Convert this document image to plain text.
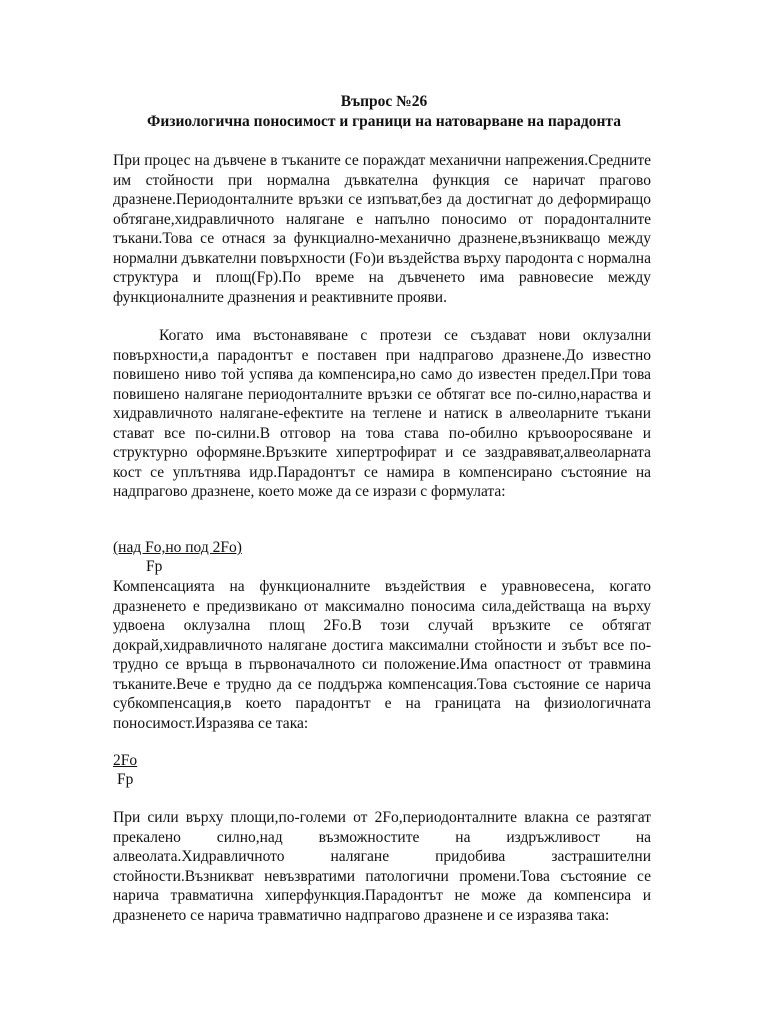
Въпрос №26
Физиологична поносимост и граници на натоварване на парадонта

При процес на дъвчене в тъканите се пораждат механични напрежения.Средните им стойности при нормална дъвкателна функция се наричат прагово дразнене.Периодонталните връзки се изпъват,без да достигнат до деформиращо обтягане,хидравличното налягане е напълно поносимо от порадонталните тъкани.Това се отнася за функциално-механично дразнене,възникващо между нормални дъвкателни повърхности (Fo)и въздейства върху пародонта с нормална структура и площ(Fp).По време на дъвченето има равновесие между функционалните дразнения и реактивните прояви.

Когато има въстонавяване с протези се създават нови оклузални повърхности,а парадонтът е поставен при надпрагово дразнене.До известно повишено ниво той успява да компенсира,но само до известен предел.При това повишено налягане периодонталните връзки се обтягат все по-силно,нараства и хидравличното налягане-ефектите на теглене и натиск в алвеоларните тъкани стават все по-силни.В отговор на това става по-обилно кръвооросяване и структурно оформяне.Връзките хипертрофират и се заздравяват,алвеоларната кост се уплътнява идр.Парадонтът се намира в компенсирано състояние на надпрагово дразнене, което може да се изрази с формулата:

(над Fo,но под 2Fo)

Fp

Компенсацията на функционалните въздействия е уравновесена, когато дразненето е предизвикано от максимално поносима сила,действаща на върху удвоена оклузална площ 2Fo.В този случай връзките се обтягат докрай,хидравличното налягане достига максимални стойности и зъбът все по-трудно се връща в първоначалното си положение.Има опастност от травмина тъканите.Вече е трудно да се поддържа компенсация.Това състояние се нарича субкомпенсация,в което парадонтът е на границата на физиологичната поносимост.Изразява се така:

2Fo

Fp

При сили върху площи,по-големи от 2Fo,периодонталните влакна се разтягат прекалено силно,над възможностите на издръжливост на алвеолата.Хидравличното налягане придобива застрашителни стойности.Възникват невъзвратими патологични промени.Това състояние се нарича травматична хиперфункция.Парадонтът не може да компенсира и дразненето се нарича травматично надпрагово дразнене и се изразява така:
